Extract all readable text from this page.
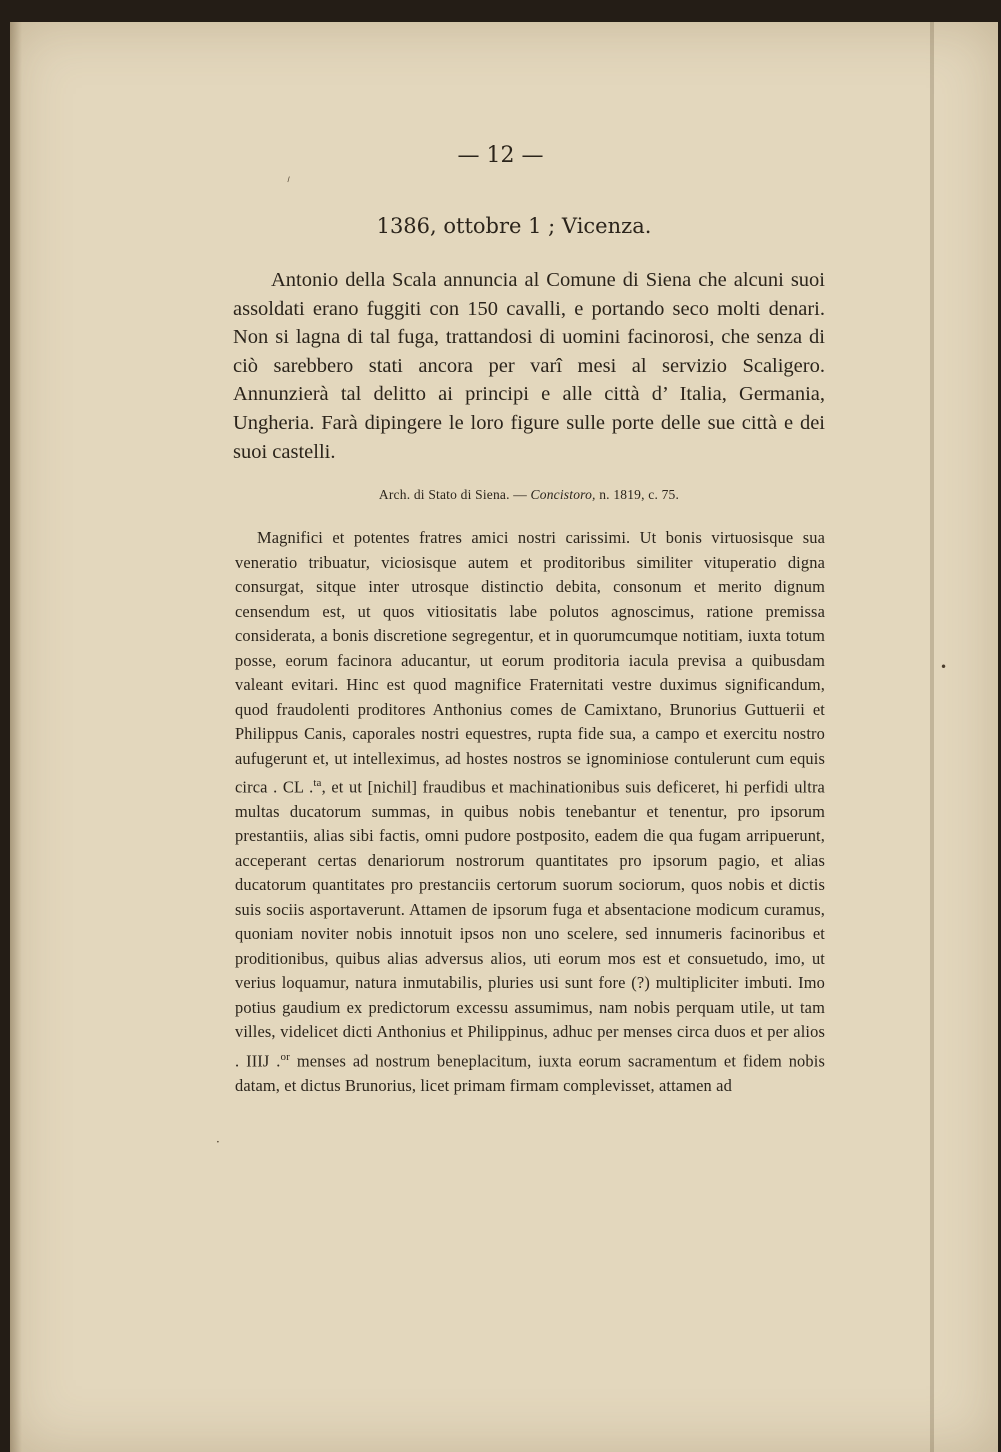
— 12 —
1386, ottobre 1 ; Vicenza.

Antonio della Scala annuncia al Comune di Siena che alcuni suoi assoldati erano fuggiti con 150 cavalli, e portando seco molti denari. Non si lagna di tal fuga, trattandosi di uomini facinorosi, che senza di ciò sarebbero stati ancora per varî mesi al servizio Scaligero. Annunzierà tal delitto ai principi e alle città d’ Italia, Germania, Ungheria. Farà dipingere le loro figure sulle porte delle sue città e dei suoi castelli.

Arch. di Stato di Siena. — Concistoro, n. 1819, c. 75.

Magnifici et potentes fratres amici nostri carissimi. Ut bonis virtuosisque sua veneratio tribuatur, viciosisque autem et proditoribus similiter vituperatio digna consurgat, sitque inter utrosque distinctio debita, consonum et merito dignum censendum est, ut quos vitiositatis labe polutos agnoscimus, ratione premissa considerata, a bonis discretione segregentur, et in quorumcumque notitiam, iuxta totum posse, eorum facinora aducantur, ut eorum proditoria iacula previsa a quibusdam valeant evitari. Hinc est quod magnifice Fraternitati vestre duximus significandum, quod fraudolenti proditores Anthonius comes de Camixtano, Brunorius Guttuerii et Philippus Canis, caporales nostri equestres, rupta fide sua, a campo et exercitu nostro aufugerunt et, ut intelleximus, ad hostes nostros se ignominiose contulerunt cum equis circa . CL .$^{ta}$, et ut [nichil] fraudibus et machinationibus suis deficeret, hi perfidi ultra multas ducatorum summas, in quibus nobis tenebantur et tenentur, pro ipsorum prestantiis, alias sibi factis, omni pudore postposito, eadem die qua fugam arripuerunt, acceperant certas denariorum nostrorum quantitates pro ipsorum pagio, et alias ducatorum quantitates pro prestanciis certorum suorum sociorum, quos nobis et dictis suis sociis asportaverunt. Attamen de ipsorum fuga et absentacione modicum curamus, quoniam noviter nobis innotuit ipsos non uno scelere, sed innumeris facinoribus et proditionibus, quibus alias adversus alios, uti eorum mos est et consuetudo, imo, ut verius loquamur, natura inmutabilis, pluries usi sunt fore (?) multipliciter imbuti. Imo potius gaudium ex predictorum excessu assumimus, nam nobis perquam utile, ut tam villes, videlicet dicti Anthonius et Philippinus, adhuc per menses circa duos et per alios . IIIJ .$^{or}$ menses ad nostrum beneplacitum, iuxta eorum sacramentum et fidem nobis datam, et dictus Brunorius, licet primam firmam complevisset, attamen ad

⸝
•
·
